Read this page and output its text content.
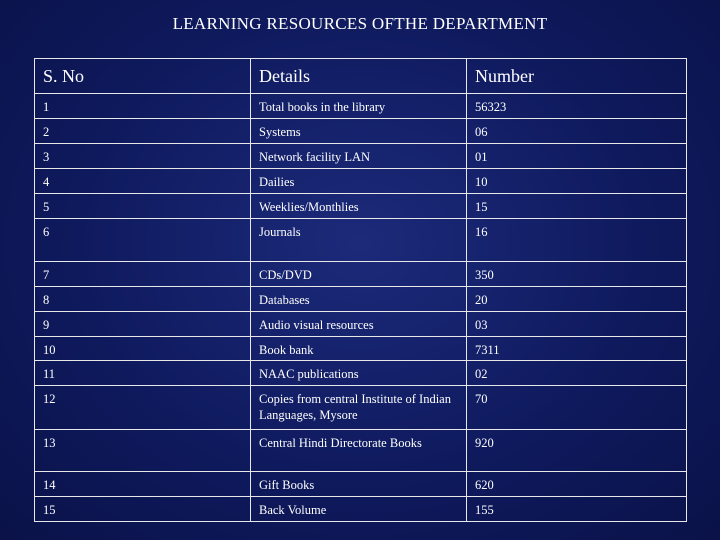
LEARNING RESOURCES OFTHE DEPARTMENT
S. No	Details	Number
1	Total books in the library	56323
2	Systems	06
3	Network facility LAN	01
4	Dailies	10
5	Weeklies/Monthlies	15
6	Journals	16
7	CDs/DVD	350
8	Databases	20
9	Audio visual resources	03
10	Book bank	7311
11	NAAC publications	02
12	Copies from central Institute of Indian Languages, Mysore	70
13	Central Hindi Directorate Books	920
14	Gift Books	620
15	Back Volume	155
